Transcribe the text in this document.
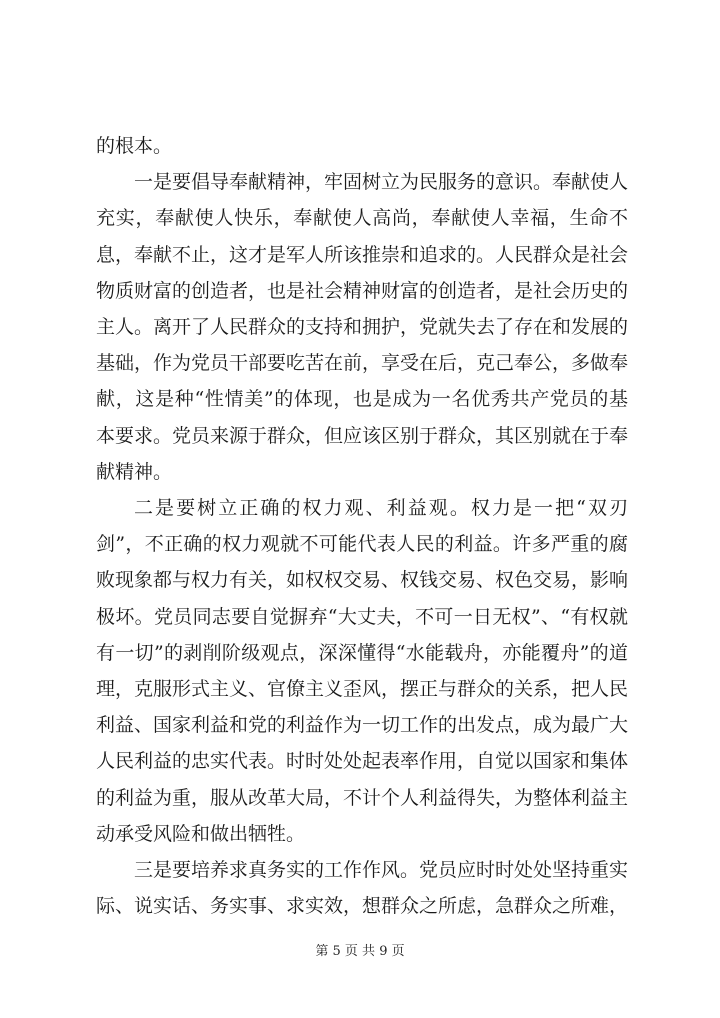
的根本。

一是要倡导奉献精神，牢固树立为民服务的意识。奉献使人充实，奉献使人快乐，奉献使人高尚，奉献使人幸福，生命不息，奉献不止，这才是军人所该推崇和追求的。人民群众是社会物质财富的创造者，也是社会精神财富的创造者，是社会历史的主人。离开了人民群众的支持和拥护，党就失去了存在和发展的基础，作为党员干部要吃苦在前，享受在后，克己奉公，多做奉献，这是种“性情美”的体现，也是成为一名优秀共产党员的基本要求。党员来源于群众，但应该区别于群众，其区别就在于奉献精神。

二是要树立正确的权力观、利益观。权力是一把“双刃剑”，不正确的权力观就不可能代表人民的利益。许多严重的腐败现象都与权力有关，如权权交易、权钱交易、权色交易，影响极坏。党员同志要自觉摒弃“大丈夫，不可一日无权”、“有权就有一切”的剥削阶级观点，深深懂得“水能载舟，亦能覆舟”的道理，克服形式主义、官僚主义歪风，摆正与群众的关系，把人民利益、国家利益和党的利益作为一切工作的出发点，成为最广大人民利益的忠实代表。时时处处起表率作用，自觉以国家和集体的利益为重，服从改革大局，不计个人利益得失，为整体利益主动承受风险和做出牺牲。

三是要培养求真务实的工作作风。党员应时时处处坚持重实际、说实话、务实事、求实效，想群众之所虑，急群众之所难，

第 5 页 共 9 页
